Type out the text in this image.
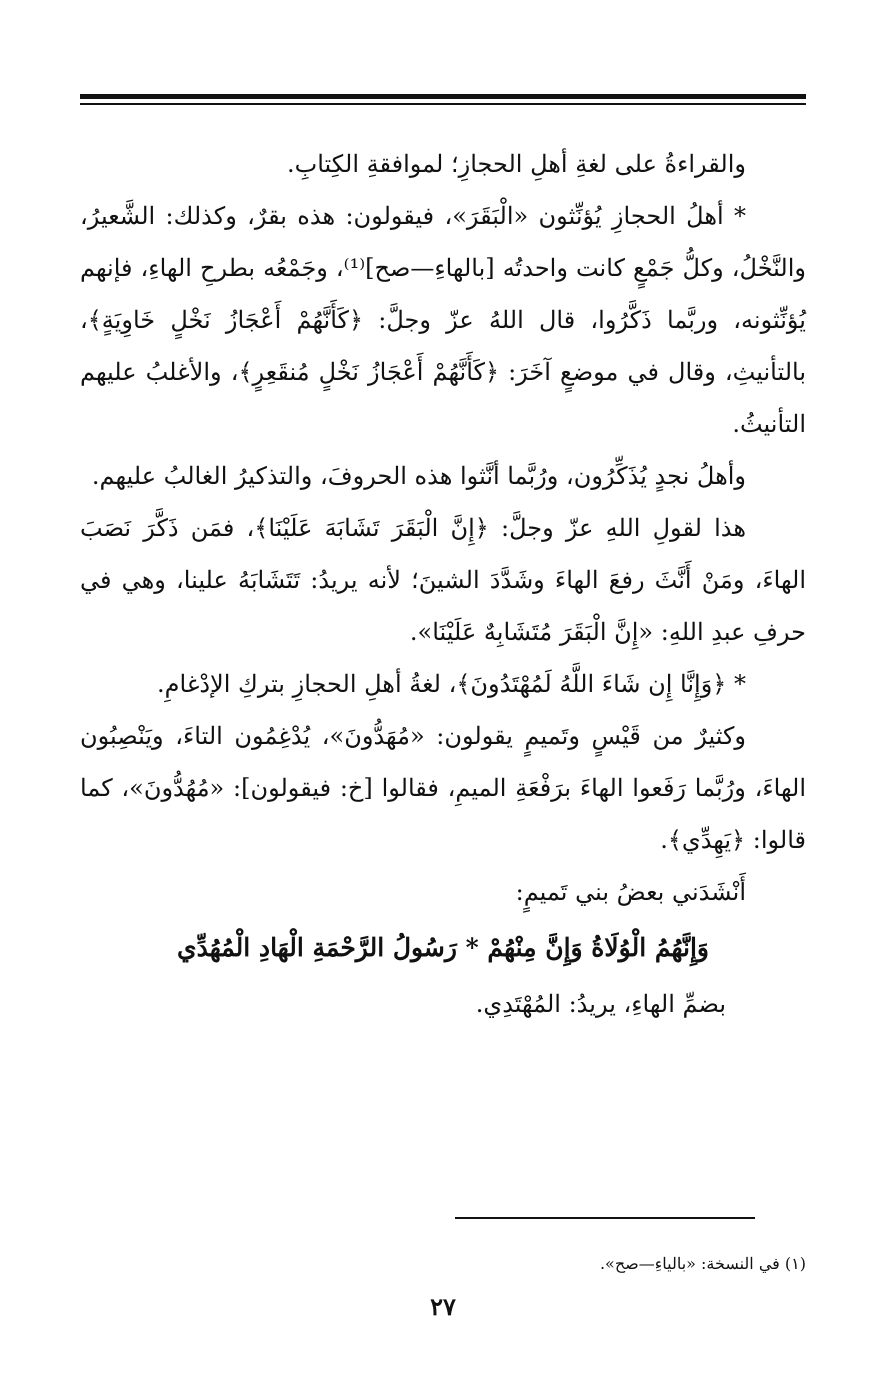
والقراءةُ على لغةِ أهلِ الحجازِ؛ لموافقةِ الكِتابِ.

* أهلُ الحجازِ يُؤنِّثون «الْبَقَرَ»، فيقولون: هذه بقرٌ، وكذلك: الشَّعيرُ، والنَّخْلُ، وكلُّ جَمْعٍ كانت واحدتُه [بالهاءِ—صح]⁽¹⁾، وجَمْعُه بطرحِ الهاءِ، فإنهم يُؤنِّثونه، وربَّما ذَكَّرُوا، قال اللهُ عزّ وجلَّ: ﴿كَأَنَّهُمْ أَعْجَازُ نَخْلٍ خَاوِيَةٍ﴾، بالتأنيثِ، وقال في موضعٍ آخَرَ: ﴿كَأَنَّهُمْ أَعْجَازُ نَخْلٍ مُنقَعِرٍ﴾، والأغلبُ عليهم التأنيثُ.

وأهلُ نجدٍ يُذَكِّرُون، ورُبَّما أنَّثوا هذه الحروفَ، والتذكيرُ الغالبُ عليهم.

هذا لقولِ اللهِ عزّ وجلَّ: ﴿إِنَّ الْبَقَرَ تَشَابَهَ عَلَيْنَا﴾، فمَن ذَكَّرَ نَصَبَ الهاءَ، ومَنْ أَنَّثَ رفعَ الهاءَ وشَدَّدَ الشينَ؛ لأنه يريدُ: تَتَشَابَهُ علينا، وهي في حرفِ عبدِ اللهِ: «إِنَّ الْبَقَرَ مُتَشَابِهٌ عَلَيْنَا».

* ﴿وَإِنَّا إِن شَاءَ اللَّهُ لَمُهْتَدُونَ﴾، لغةُ أهلِ الحجازِ بتركِ الإدْغامِ.

وكثيرٌ من قَيْسٍ وتَميمٍ يقولون: «مُهَدُّونَ»، يُدْغِمُون التاءَ، ويَنْصِبُون الهاءَ، ورُبَّما رَفَعوا الهاءَ برَفْعَةِ الميمِ، فقالوا [خ: فيقولون]: «مُهُدُّونَ»، كما قالوا: ﴿يَهِدِّي﴾.

أَنْشَدَني بعضُ بني تَميمٍ:

وَإِنَّهُمُ الْوُلَاةُ وَإِنَّ مِنْهُمْ * رَسُولُ الرَّحْمَةِ الْهَادِ الْمُهُدِّي

بضمِّ الهاءِ، يريدُ: المُهْتَدِي.

(١) في النسخة: «بالياءِ—صح».
٢٧
